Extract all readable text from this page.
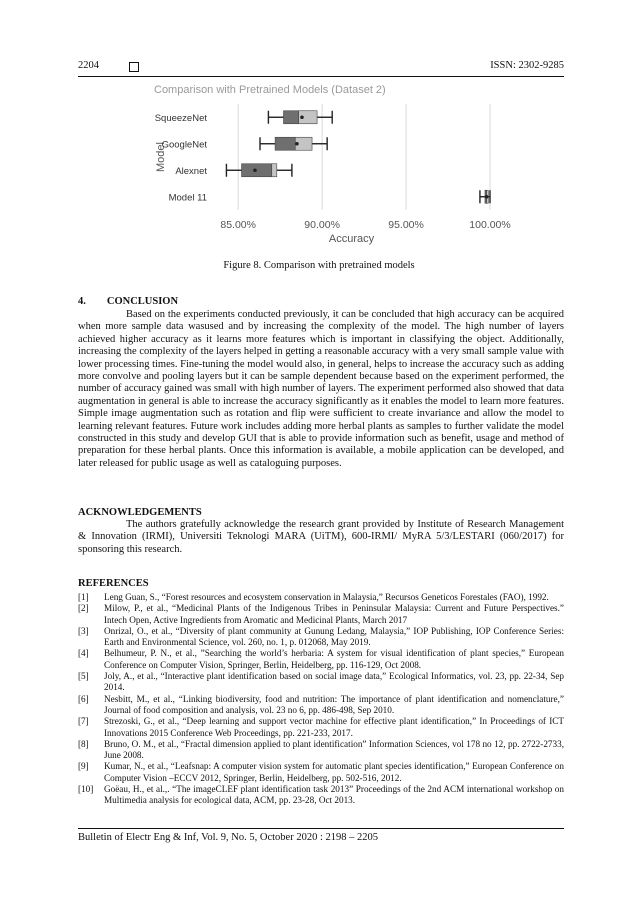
2204	ISSN: 2302-9285
Comparison with Pretrained Models (Dataset 2)
85.00%	90.00%	95.00%	100.00%
Accuracy
Model
SqueezeNet
GoogleNet
Alexnet
Model 11
Figure 8. Comparison with pretrained models
4.  CONCLUSION

Based on the experiments conducted previously, it can be concluded that high accuracy can be acquired when more sample data wasused and by increasing the complexity of the model. The high number of layers achieved higher accuracy as it learns more features which is important in classifying the object. Additionally, increasing the complexity of the layers helped in getting a reasonable accuracy with a very small sample value with lower processing times. Fine-tuning the model would also, in general, helps to increase the accuracy such as adding more convolve and pooling layers but it can be sample dependent because based on the experiment performed, the number of accuracy gained was small with high number of layers. The experiment performed also showed that data augmentation in general is able to increase the accuracy significantly as it enables the model to learn more features. Simple image augmentation such as rotation and flip were sufficient to create invariance and allow the model to learning relevant features. Future work includes adding more herbal plants as samples to further validate the model constructed in this study and develop GUI that is able to provide information such as benefit, usage and method of preparation for these herbal plants. Once this information is available, a mobile application can be developed, and later released for public usage as well as cataloguing purposes.

ACKNOWLEDGEMENTS

The authors gratefully acknowledge the research grant provided by Institute of Research Management & Innovation (IRMI), Universiti Teknologi MARA (UiTM), 600-IRMI/ MyRA 5/3/LESTARI (060/2017) for sponsoring this research.

REFERENCES
[1]	Leng Guan, S., “Forest resources and ecosystem conservation in Malaysia,” Recursos Geneticos Forestales (FAO), 1992.
[2]	Milow, P., et al., “Medicinal Plants of the Indigenous Tribes in Peninsular Malaysia: Current and Future Perspectives.” Intech Open, Active Ingredients from Aromatic and Medicinal Plants, March 2017
[3]	Onrizal, O., et al., “Diversity of plant community at Gunung Ledang, Malaysia,” IOP Publishing, IOP Conference Series: Earth and Environmental Science, vol. 260, no. 1, p. 012068, May 2019.
[4]	Belhumeur, P. N., et al., ”Searching the world’s herbaria: A system for visual identification of plant species,” European Conference on Computer Vision, Springer, Berlin, Heidelberg, pp. 116-129, Oct 2008.
[5]	Joly, A., et al., “Interactive plant identification based on social image data,” Ecological Informatics, vol. 23, pp. 22-34, Sep 2014.
[6]	Nesbitt, M., et al., “Linking biodiversity, food and nutrition: The importance of plant identification and nomenclature,” Journal of food composition and analysis, vol. 23 no 6, pp. 486-498, Sep 2010.
[7]	Strezoski, G., et al., “Deep learning and support vector machine for effective plant identification,” In Proceedings of ICT Innovations 2015 Conference Web Proceedings, pp. 221-233, 2017.
[8]	Bruno, O. M., et al., “Fractal dimension applied to plant identification” Information Sciences, vol 178 no 12, pp. 2722-2733, June 2008.
[9]	Kumar, N., et al., “Leafsnap: A computer vision system for automatic plant species identification,” European Conference on Computer Vision –ECCV 2012, Springer, Berlin, Heidelberg, pp. 502-516, 2012.
[10]	Goëau, H., et al.,. “The imageCLEF plant identification task 2013” Proceedings of the 2nd ACM international workshop on Multimedia analysis for ecological data, ACM, pp. 23-28, Oct 2013.
Bulletin of Electr Eng & Inf, Vol. 9, No. 5, October 2020 : 2198 – 2205
